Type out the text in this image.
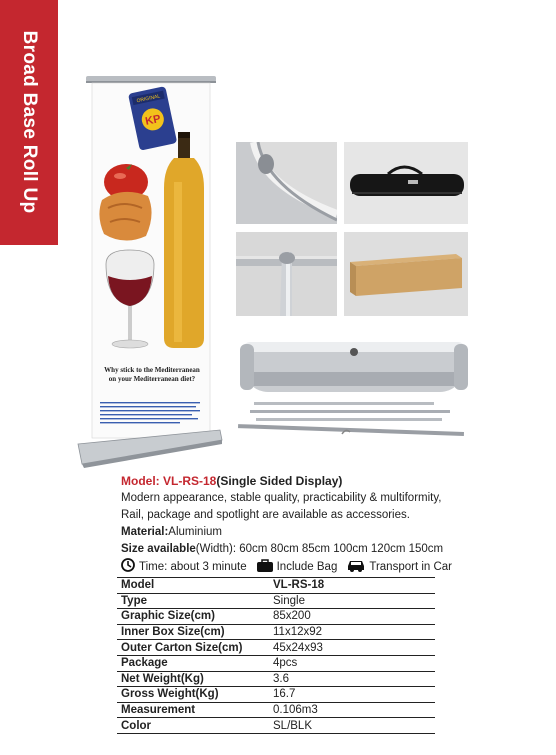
Broad Base Roll Up	KP
ORIGINAL
Why stick to the Mediterranean
on your Mediterranean diet?
Model: VL-RS-18(Single Sided Display)
Modern appearance, stable quality, practicability & multiformity,
Rail, package and spotlight are available as accessories.
Material:Aluminium
Size available(Width): 60cm 80cm 85cm 100cm 120cm 150cm
Time: about 3 minute	Include Bag	Transport in Car
Model	VL-RS-18
Type	Single
Graphic Size(cm)	85x200
Inner Box Size(cm)	11x12x92
Outer Carton Size(cm)	45x24x93
Package	4pcs
Net Weight(Kg)	3.6
Gross Weight(Kg)	16.7
Measurement	0.106m3
Color	SL/BLK
